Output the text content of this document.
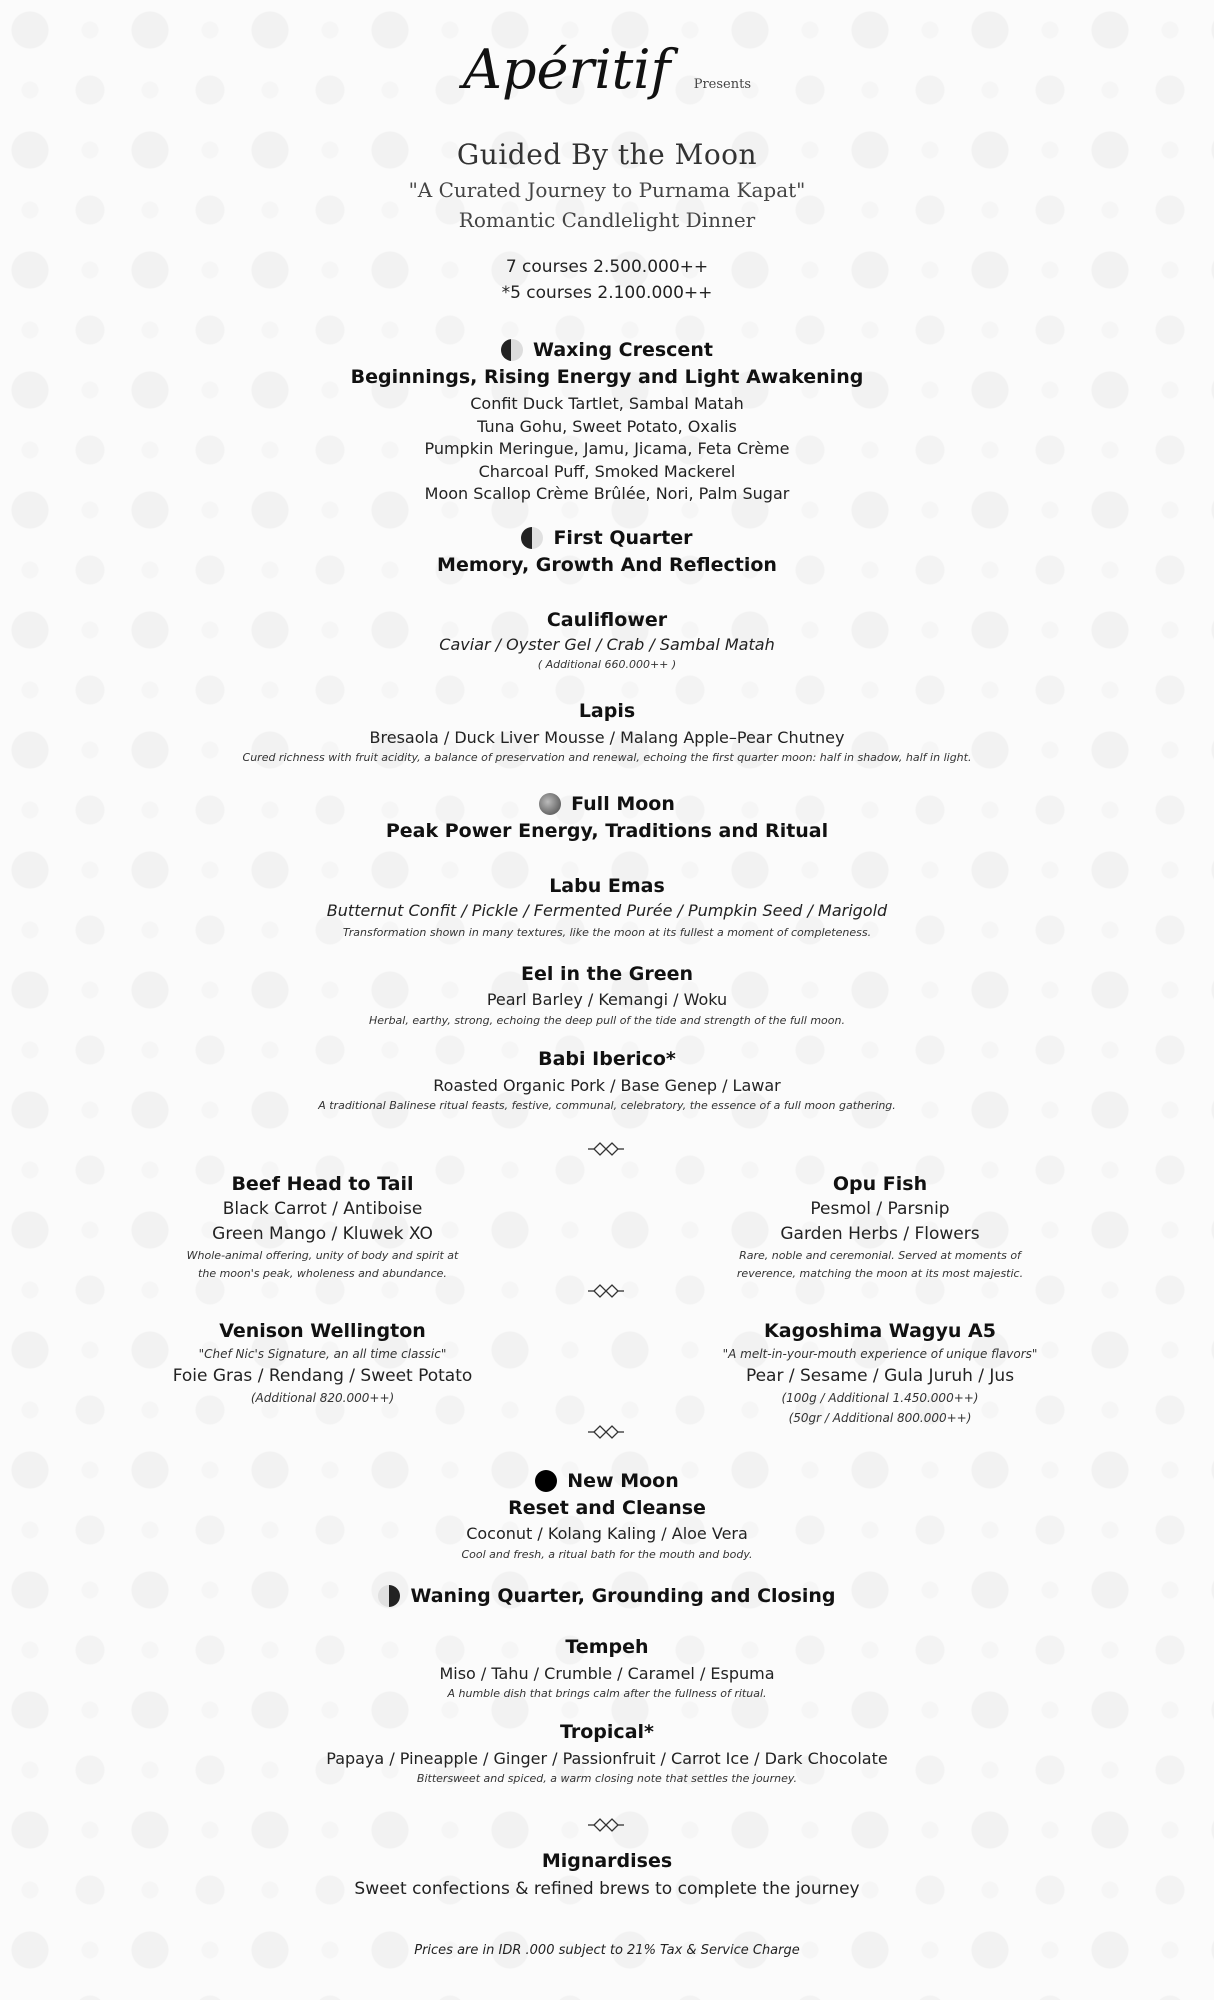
Apéritif Presents
Guided By the Moon
"A Curated Journey to Purnama Kapat"
Romantic Candlelight Dinner
7 courses 2.500.000++
*5 courses 2.100.000++
Waxing Crescent
Beginnings, Rising Energy and Light Awakening
Confit Duck Tartlet, Sambal Matah
Tuna Gohu, Sweet Potato, Oxalis
Pumpkin Meringue, Jamu, Jicama, Feta Crème
Charcoal Puff, Smoked Mackerel
Moon Scallop Crème Brûlée, Nori, Palm Sugar
First Quarter
Memory, Growth And Reflection
Cauliflower
Caviar / Oyster Gel / Crab / Sambal Matah
( Additional 660.000++ )
Lapis
Bresaola / Duck Liver Mousse / Malang Apple–Pear Chutney
Cured richness with fruit acidity, a balance of preservation and renewal, echoing the first quarter moon: half in shadow, half in light.
Full Moon
Peak Power Energy, Traditions and Ritual
Labu Emas
Butternut Confit / Pickle / Fermented Purée / Pumpkin Seed / Marigold
Transformation shown in many textures, like the moon at its fullest a moment of completeness.
Eel in the Green
Pearl Barley / Kemangi / Woku
Herbal, earthy, strong, echoing the deep pull of the tide and strength of the full moon.
Babi Iberico*
Roasted Organic Pork / Base Genep / Lawar
A traditional Balinese ritual feasts, festive, communal, celebratory, the essence of a full moon gathering.
Beef Head to Tail
Black Carrot / Antiboise
Green Mango / Kluwek XO
Whole-animal offering, unity of body and spirit at
the moon's peak, wholeness and abundance.
Opu Fish
Pesmol / Parsnip
Garden Herbs / Flowers
Rare, noble and ceremonial. Served at moments of
reverence, matching the moon at its most majestic.
Venison Wellington
"Chef Nic's Signature, an all time classic"
Foie Gras / Rendang / Sweet Potato
(Additional 820.000++)
Kagoshima Wagyu A5
"A melt-in-your-mouth experience of unique flavors"
Pear / Sesame / Gula Juruh / Jus
(100g / Additional 1.450.000++)
(50gr / Additional 800.000++)
New Moon
Reset and Cleanse
Coconut / Kolang Kaling / Aloe Vera
Cool and fresh, a ritual bath for the mouth and body.
Waning Quarter, Grounding and Closing
Tempeh
Miso / Tahu / Crumble / Caramel / Espuma
A humble dish that brings calm after the fullness of ritual.
Tropical*
Papaya / Pineapple / Ginger / Passionfruit / Carrot Ice / Dark Chocolate
Bittersweet and spiced, a warm closing note that settles the journey.
Mignardises
Sweet confections & refined brews to complete the journey
Prices are in IDR .000 subject to 21% Tax & Service Charge
